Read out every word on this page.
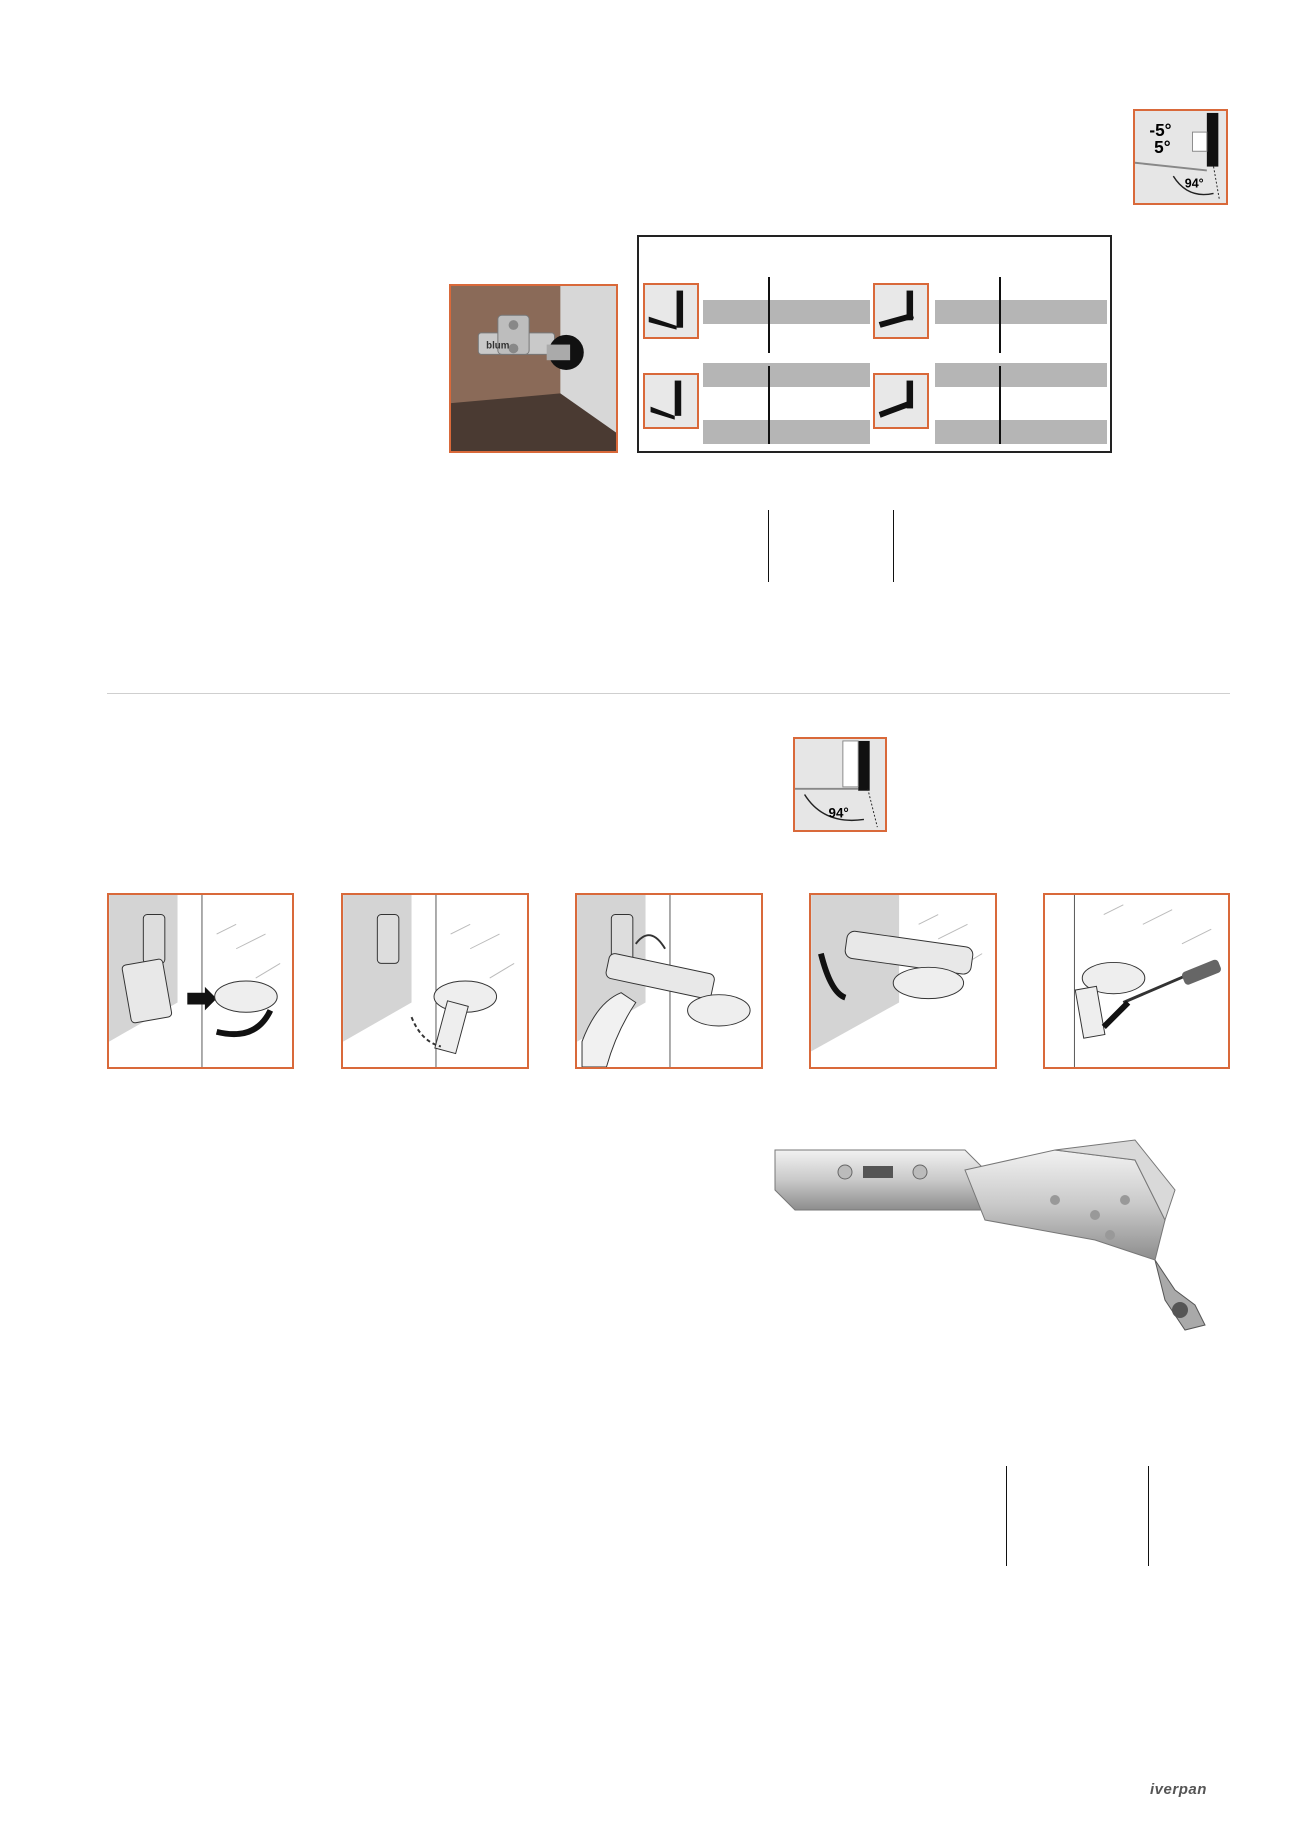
-5°
5°
94°
blum
94°
iverpan
